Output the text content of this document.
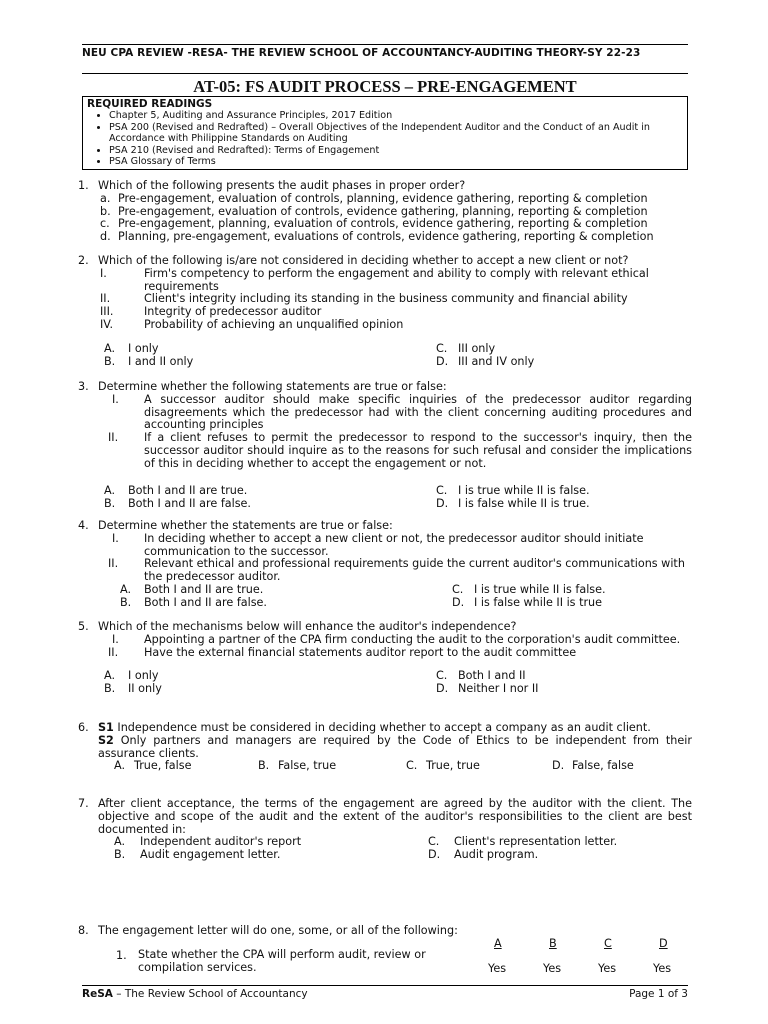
NEU CPA REVIEW -RESA- THE REVIEW SCHOOL OF ACCOUNTANCY-AUDITING THEORY-SY 22-23
AT-05: FS AUDIT PROCESS – PRE-ENGAGEMENT
REQUIRED READINGS
• Chapter 5, Auditing and Assurance Principles, 2017 Edition
• PSA 200 (Revised and Redrafted) – Overall Objectives of the Independent Auditor and the Conduct of an Audit in Accordance with Philippine Standards on Auditing
• PSA 210 (Revised and Redrafted): Terms of Engagement
• PSA Glossary of Terms
1. Which of the following presents the audit phases in proper order?
a. Pre-engagement, evaluation of controls, planning, evidence gathering, reporting & completion
b. Pre-engagement, evaluation of controls, evidence gathering, planning, reporting & completion
c. Pre-engagement, planning, evaluation of controls, evidence gathering, reporting & completion
d. Planning, pre-engagement, evaluations of controls, evidence gathering, reporting & completion
2. Which of the following is/are not considered in deciding whether to accept a new client or not?
I.	Firm's competency to perform the engagement and ability to comply with relevant ethical requirements
II.	Client's integrity including its standing in the business community and financial ability
III.	Integrity of predecessor auditor
IV.	Probability of achieving an unqualified opinion
A. I only	C. III only
B. I and II only	D. III and IV only
3. Determine whether the following statements are true or false:
I. A successor auditor should make specific inquiries of the predecessor auditor regarding disagreements which the predecessor had with the client concerning auditing procedures and accounting principles
II. If a client refuses to permit the predecessor to respond to the successor's inquiry, then the successor auditor should inquire as to the reasons for such refusal and consider the implications of this in deciding whether to accept the engagement or not.
A. Both I and II are true.	C. I is true while II is false.
B. Both I and II are false.	D. I is false while II is true.
4. Determine whether the statements are true or false:
I. In deciding whether to accept a new client or not, the predecessor auditor should initiate communication to the successor.
II. Relevant ethical and professional requirements guide the current auditor's communications with the predecessor auditor.
A. Both I and II are true.	C. I is true while II is false.
B. Both I and II are false.	D. I is false while II is true
5. Which of the mechanisms below will enhance the auditor's independence?
I. Appointing a partner of the CPA firm conducting the audit to the corporation's audit committee.
II. Have the external financial statements auditor report to the audit committee
A. I only	C. Both I and II
B. II only	D. Neither I nor II
6. S1 Independence must be considered in deciding whether to accept a company as an audit client.
S2 Only partners and managers are required by the Code of Ethics to be independent from their assurance clients.
A. True, false	B. False, true	C. True, true	D. False, false
7. After client acceptance, the terms of the engagement are agreed by the auditor with the client. The objective and scope of the audit and the extent of the auditor's responsibilities to the client are best documented in:
A. Independent auditor's report	C. Client's representation letter.
B. Audit engagement letter.	D. Audit program.
8. The engagement letter will do one, some, or all of the following:
A	B	C	D
1. State whether the CPA will perform audit, review or compilation services.	Yes	Yes	Yes	Yes
ReSA – The Review School of Accountancy	Page 1 of 3
